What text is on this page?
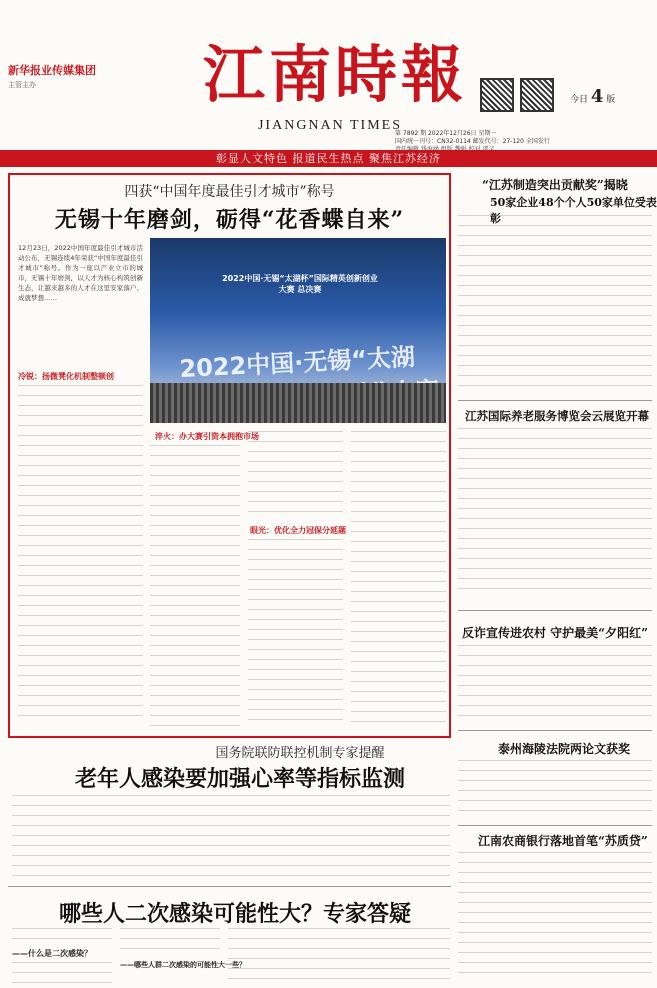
新华报业传媒集团
主管主办	江南時報
JIANGNAN TIMES
今日 4 版
第 7892 期 2022年12月26日 星期一
国内统一刊号：CN32-0114 邮发代号：27-120 全国发行
彰显人文特色 报道民生热点 聚焦江苏经济
四获“中国年度最佳引才城市”称号
无锡十年磨剑，砺得“花香蝶自来”
12月23日，2022中国年度最佳引才城市活动公布，无锡连续4年荣获“中国年度最佳引才城市”称号。作为一座以产业立市的城市，无锡十年磨剑，以人才为核心构筑创新生态，让越来越多的人才在这里安家落户、成就梦想……
冷锐：扬微凳化机制整顿创
2022中国·无锡“太湖杯”国际精英创新创业大赛 总决赛
2022中国·无锡“太湖杯”国际精英创新创业大赛
淬火：办大赛引资本拥抱市场
眼光：优化全力冠保分延题
“江苏制造突出贡献奖”揭晓
50家企业48个个人50家单位受表彰
江苏国际养老服务博览会云展览开幕
反诈宣传进农村 守护最美“夕阳红”
泰州海陵法院两论文获奖
江南农商银行落地首笔“苏质贷”
国务院联防联控机制专家提醒
老年人感染要加强心率等指标监测
哪些人二次感染可能性大？专家答疑
——什么是二次感染？
——哪些人群二次感染的可能性大一些？
